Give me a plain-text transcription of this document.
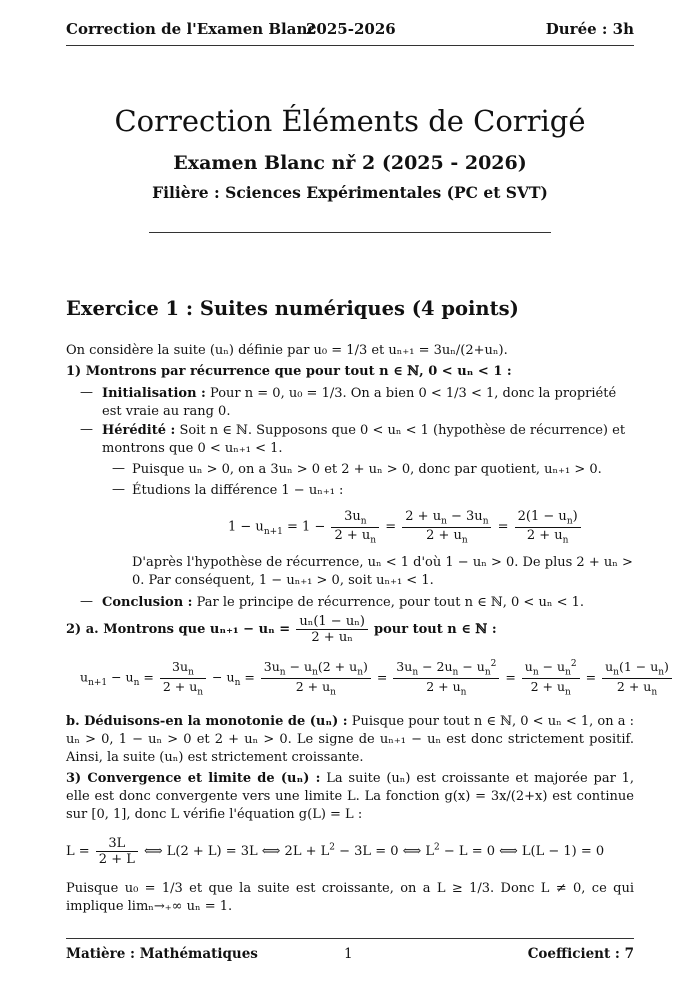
Correction de l'Examen Blanc
2025-2026	Durée : 3h
Correction Éléments de Corrigé
Examen Blanc nř 2 (2025 - 2026)
Filière : Sciences Expérimentales (PC et SVT)
Exercice 1 : Suites numériques (4 points)
On considère la suite (uₙ) définie par u₀ = 1/3 et uₙ₊₁ = 3uₙ/(2+uₙ).
1) Montrons par récurrence que pour tout n ∈ ℕ, 0 < uₙ < 1 :
— Initialisation : Pour n = 0, u₀ = 1/3. On a bien 0 < 1/3 < 1, donc la propriété est vraie au rang 0.
— Hérédité : Soit n ∈ ℕ. Supposons que 0 < uₙ < 1 (hypothèse de récurrence) et montrons que 0 < uₙ₊₁ < 1.
— Puisque uₙ > 0, on a 3uₙ > 0 et 2 + uₙ > 0, donc par quotient, uₙ₊₁ > 0.
— Étudions la différence 1 − uₙ₊₁ :
$1 - u_{n+1} = 1 - \frac{3u_n}{2 + u_n} = \frac{2 + u_n - 3u_n}{2 + u_n} = \frac{2(1 - u_n)}{2 + u_n}$
D'après l'hypothèse de récurrence, uₙ < 1 d'où 1 − uₙ > 0. De plus 2 + uₙ > 0. Par conséquent, 1 − uₙ₊₁ > 0, soit uₙ₊₁ < 1.
— Conclusion : Par le principe de récurrence, pour tout n ∈ ℕ, 0 < uₙ < 1.
2) a. Montrons que $u_{n+1} - u_n = \frac{\text{uₙ(1 − uₙ)}}{\text{2 + uₙ}}$ pour tout n ∈ ℕ :
$u_{n+1} - u_n = \frac{3u_n}{2 + u_n} - u_n = \frac{3u_n - u_n(2 + u_n)}{2 + u_n} = \frac{3u_n - 2u_n - u_n^2}{2 + u_n} = \frac{u_n - u_n^2}{2 + u_n} = \frac{u_n(1 - u_n)}{2 + u_n}$
b. Déduisons-en la monotonie de (uₙ) : Puisque pour tout n ∈ ℕ, 0 < uₙ < 1, on a : uₙ > 0, 1 − uₙ > 0 et 2 + uₙ > 0. Le signe de uₙ₊₁ − uₙ est donc strictement positif. Ainsi, la suite (uₙ) est strictement croissante.
3) Convergence et limite de (uₙ) : La suite (uₙ) est croissante et majorée par 1, elle est donc convergente vers une limite L. La fonction g(x) = 3x/(2+x) est continue sur [0, 1], donc L vérifie l'équation g(L) = L :
$L = \frac{3L}{2 + L}$ ⟺ L(2 + L) = 3L ⟺ $2L + L^2 - 3L = 0$ ⟺ $L^2 - L = 0$ ⟺ L(L − 1) = 0
Puisque u₀ = 1/3 et que la suite est croissante, on a L ≥ 1/3. Donc L ≠ 0, ce qui implique limₙ→₊∞ uₙ = 1.
Matière : Mathématiques	1	Coefficient : 7
